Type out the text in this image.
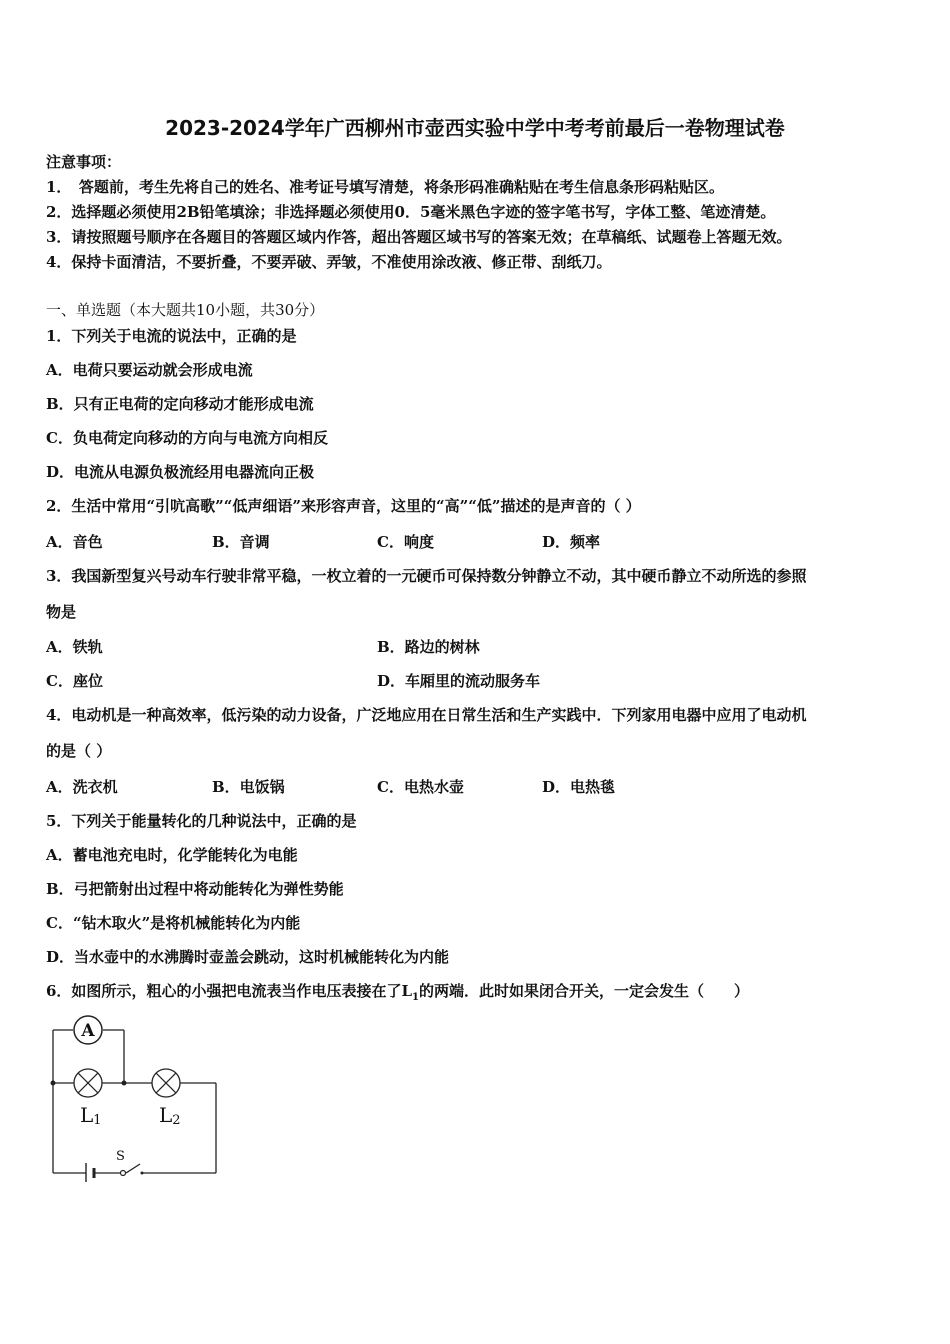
2023-2024学年广西柳州市壶西实验中学中考考前最后一卷物理试卷
注意事项：
1．　答题前，考生先将自己的姓名、准考证号填写清楚，将条形码准确粘贴在考生信息条形码粘贴区。
2．选择题必须使用2B铅笔填涂；非选择题必须使用0．5毫米黑色字迹的签字笔书写，字体工整、笔迹清楚。
3．请按照题号顺序在各题目的答题区域内作答，超出答题区域书写的答案无效；在草稿纸、试题卷上答题无效。
4．保持卡面清洁，不要折叠，不要弄破、弄皱，不准使用涂改液、修正带、刮纸刀。
一、单选题（本大题共10小题，共30分）
1．下列关于电流的说法中，正确的是
A．电荷只要运动就会形成电流
B．只有正电荷的定向移动才能形成电流
C．负电荷定向移动的方向与电流方向相反
D．电流从电源负极流经用电器流向正极
2．生活中常用“引吭高歌”“低声细语”来形容声音，这里的“高”“低”描述的是声音的（ ）
A．音色	B．音调	C．响度	D．频率
3．我国新型复兴号动车行驶非常平稳，一枚立着的一元硬币可保持数分钟静立不动，其中硬币静立不动所选的参照
物是
A．铁轨	B．路边的树林
C．座位	D．车厢里的流动服务车
4．电动机是一种高效率，低污染的动力设备，广泛地应用在日常生活和生产实践中．下列家用电器中应用了电动机
的是（ ）
A．洗衣机	B．电饭锅	C．电热水壶	D．电热毯
5．下列关于能量转化的几种说法中，正确的是
A．蓄电池充电时，化学能转化为电能
B．弓把箭射出过程中将动能转化为弹性势能
C．“钻木取火”是将机械能转化为内能
D．当水壶中的水沸腾时壶盖会跳动，这时机械能转化为内能
6．如图所示，粗心的小强把电流表当作电压表接在了$L_1$的两端．此时如果闭合开关，一定会发生（　　）
A
L1	L2
S
